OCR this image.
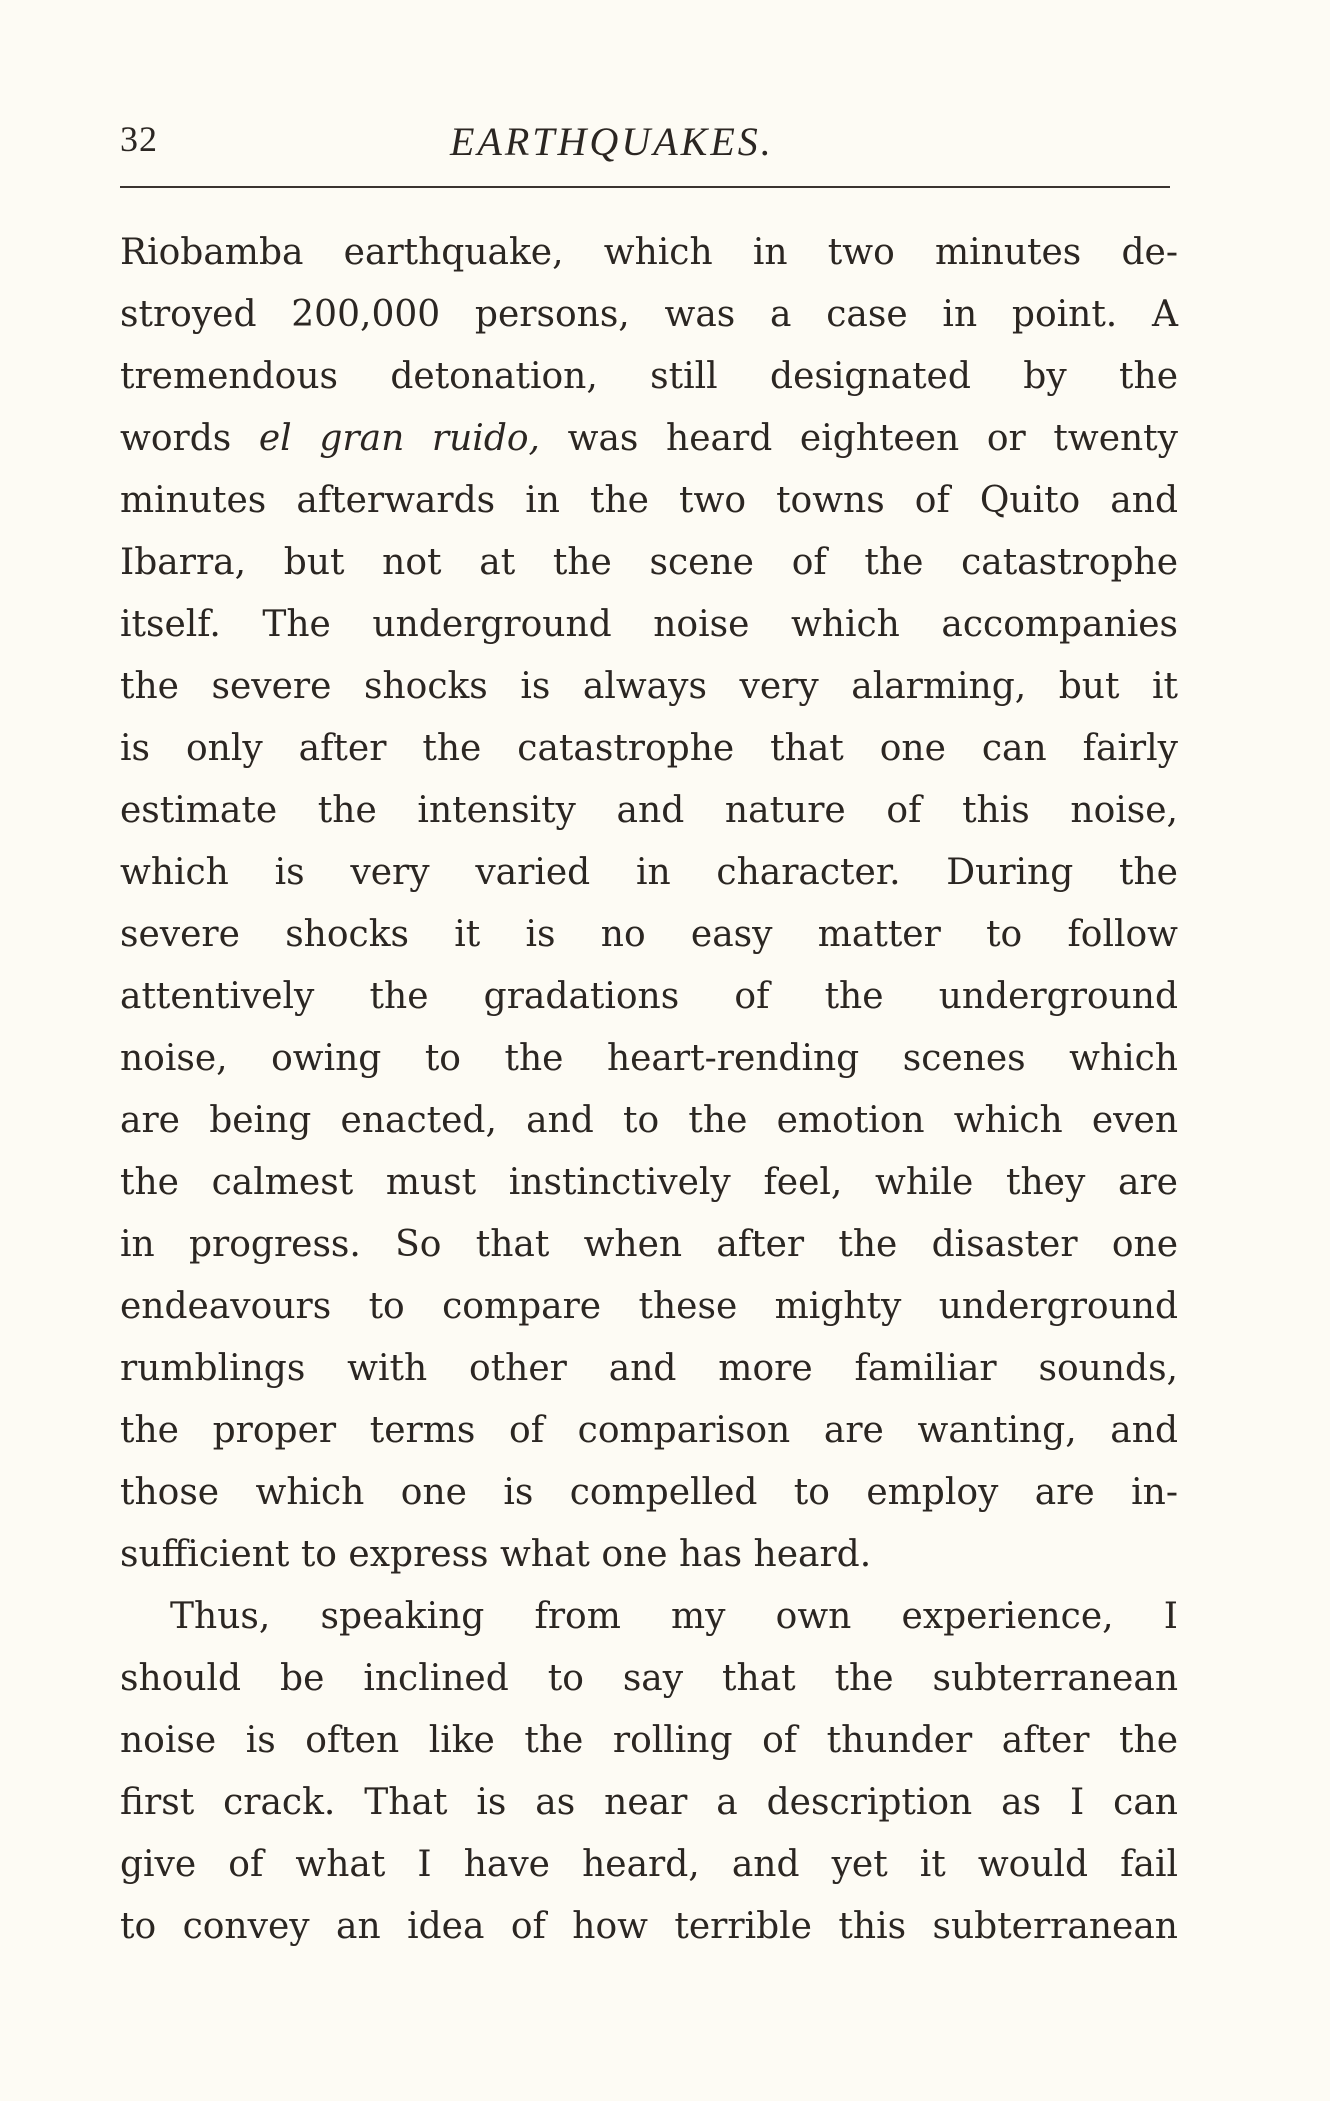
32	EARTHQUAKES.
Riobamba earthquake, which in two minutes de-
stroyed 200,000 persons, was a case in point. A
tremendous detonation, still designated by the
words el gran ruido, was heard eighteen or twenty
minutes afterwards in the two towns of Quito and
Ibarra, but not at the scene of the catastrophe
itself. The underground noise which accompanies
the severe shocks is always very alarming, but it
is only after the catastrophe that one can fairly
estimate the intensity and nature of this noise,
which is very varied in character. During the
severe shocks it is no easy matter to follow
attentively the gradations of the underground
noise, owing to the heart-rending scenes which
are being enacted, and to the emotion which even
the calmest must instinctively feel, while they are
in progress. So that when after the disaster one
endeavours to compare these mighty underground
rumblings with other and more familiar sounds,
the proper terms of comparison are wanting, and
those which one is compelled to employ are in-
sufficient to express what one has heard.
Thus, speaking from my own experience, I
should be inclined to say that the subterranean
noise is often like the rolling of thunder after the
first crack. That is as near a description as I can
give of what I have heard, and yet it would fail
to convey an idea of how terrible this subterranean
